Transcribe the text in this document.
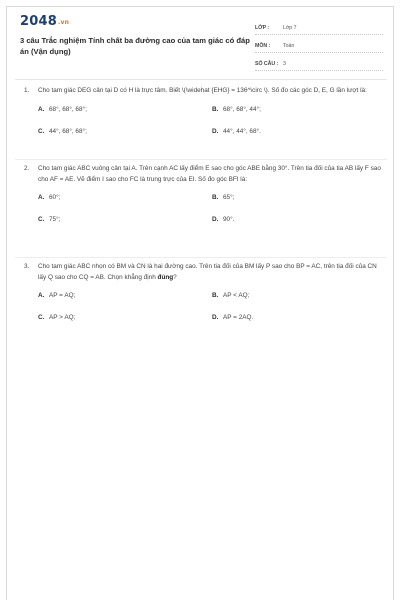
2048.vn
3 câu Trắc nghiệm Tính chất ba đường cao của tam giác có đáp án (Vận dụng)
LỚP :	Lớp 7
MÔN :	Toán
SỐ CÂU : 3
1. Cho tam giác DEG cân tại D có H là trực tâm. Biết \(\widehat {EHG} = 136^\circ \). Số đo các góc D, E, G lần lượt là:
A. 68°, 68°, 68°;	B. 68°, 68°, 44°;
C. 44°, 68°, 68°;	D. 44°, 44°, 68°.
2. Cho tam giác ABC vuông cân tại A. Trên cạnh AC lấy điểm E sao cho góc ABE bằng 30°. Trên tia đối của tia AB lấy F sao cho AF = AE. Vẽ điểm I sao cho FC là trung trực của EI. Số đo góc BFI là:
A. 60°;	B. 65°;
C. 75°;	D. 90°.
3. Cho tam giác ABC nhọn có BM và CN là hai đường cao. Trên tia đối của BM lấy P sao cho BP = AC, trên tia đối của CN lấy Q sao cho CQ = AB. Chọn khẳng định đúng?
A. AP = AQ;	B. AP < AQ;
C. AP > AQ;	D. AP = 2AQ.
